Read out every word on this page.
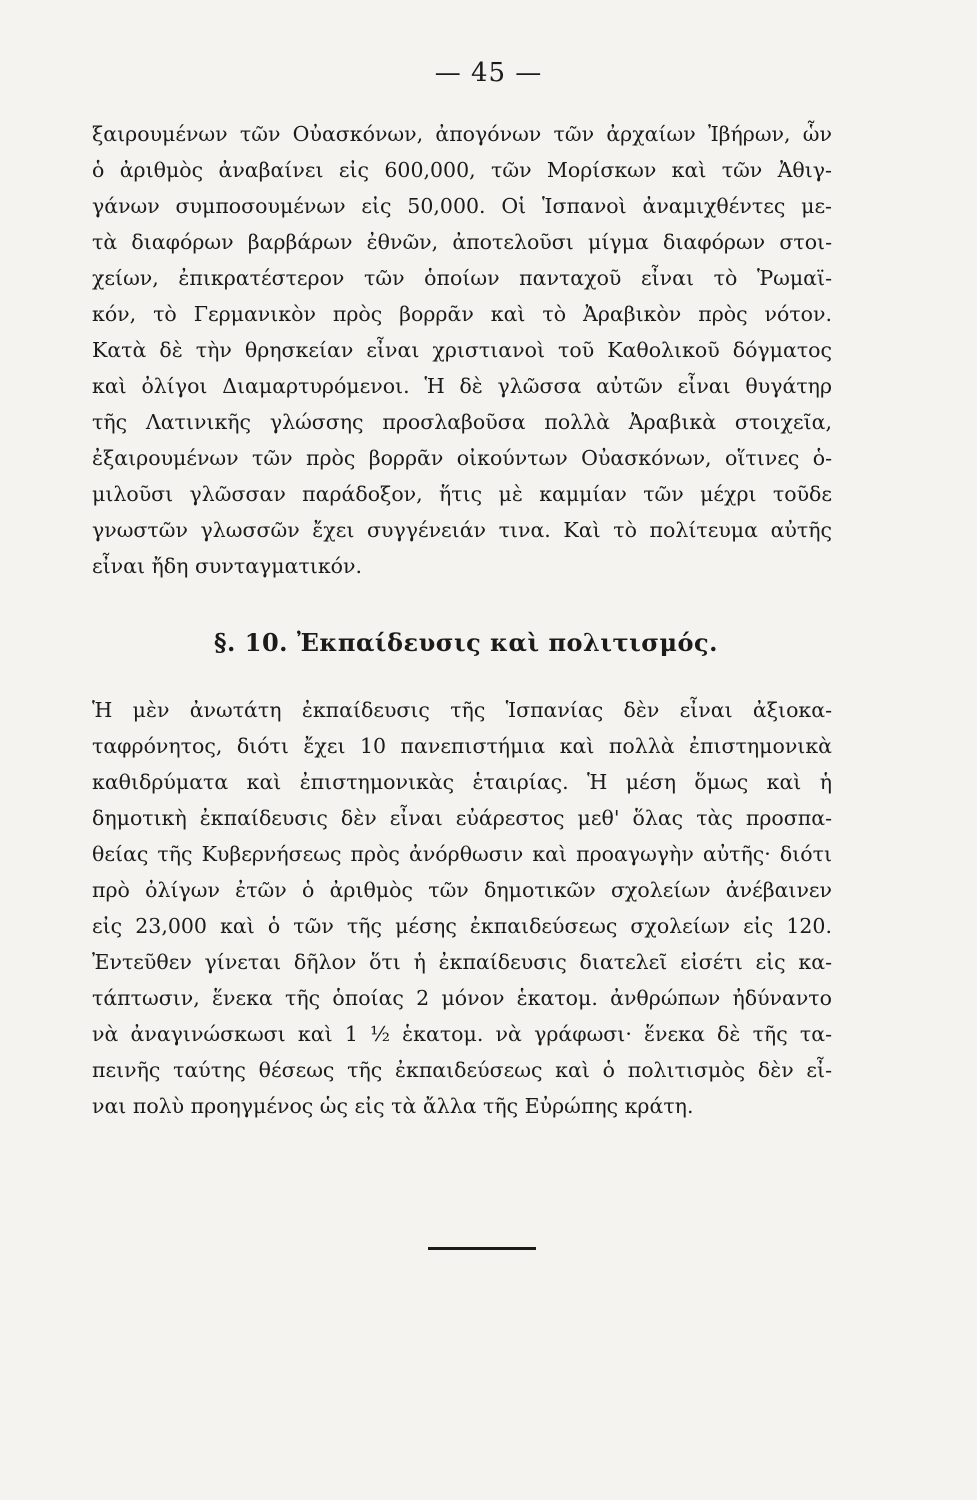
— 45 —
ξαιρουμένων τῶν Οὐασκόνων, ἀπογόνων τῶν ἀρχαίων Ἰβήρων, ὧν
ὁ ἀριθμὸς ἀναβαίνει εἰς 600,000, τῶν Μορίσκων καὶ τῶν Ἀθιγ-
γάνων συμποσουμένων εἰς 50,000. Οἱ Ἱσπανοὶ ἀναμιχθέντες με-
τὰ διαφόρων βαρβάρων ἐθνῶν, ἀποτελοῦσι μίγμα διαφόρων στοι-
χείων, ἐπικρατέστερον τῶν ὁποίων πανταχοῦ εἶναι τὸ Ῥωμαϊ-
κόν, τὸ Γερμανικὸν πρὸς βορρᾶν καὶ τὸ Ἀραβικὸν πρὸς νότον.
Κατὰ δὲ τὴν θρησκείαν εἶναι χριστιανοὶ τοῦ Καθολικοῦ δόγματος
καὶ ὀλίγοι Διαμαρτυρόμενοι. Ἡ δὲ γλῶσσα αὐτῶν εἶναι θυγάτηρ
τῆς Λατινικῆς γλώσσης προσλαβοῦσα πολλὰ Ἀραβικὰ στοιχεῖα,
ἐξαιρουμένων τῶν πρὸς βορρᾶν οἰκούντων Οὐασκόνων, οἵτινες ὁ-
μιλοῦσι γλῶσσαν παράδοξον, ἥτις μὲ καμμίαν τῶν μέχρι τοῦδε
γνωστῶν γλωσσῶν ἔχει συγγένειάν τινα. Καὶ τὸ πολίτευμα αὐτῆς
εἶναι ἤδη συνταγματικόν.
§. 10. Ἐκπαίδευσις καὶ πολιτισμός.
Ἡ μὲν ἀνωτάτη ἐκπαίδευσις τῆς Ἱσπανίας δὲν εἶναι ἀξιοκα-
ταφρόνητος, διότι ἔχει 10 πανεπιστήμια καὶ πολλὰ ἐπιστημονικὰ
καθιδρύματα καὶ ἐπιστημονικὰς ἑταιρίας. Ἡ μέση ὅμως καὶ ἡ
δημοτικὴ ἐκπαίδευσις δὲν εἶναι εὐάρεστος μεθ' ὅλας τὰς προσπα-
θείας τῆς Κυβερνήσεως πρὸς ἀνόρθωσιν καὶ προαγωγὴν αὐτῆς· διότι
πρὸ ὀλίγων ἐτῶν ὁ ἀριθμὸς τῶν δημοτικῶν σχολείων ἀνέβαινεν
εἰς 23,000 καὶ ὁ τῶν τῆς μέσης ἐκπαιδεύσεως σχολείων εἰς 120.
Ἐντεῦθεν γίνεται δῆλον ὅτι ἡ ἐκπαίδευσις διατελεῖ εἰσέτι εἰς κα-
τάπτωσιν, ἕνεκα τῆς ὁποίας 2 μόνον ἑκατομ. ἀνθρώπων ἠδύναντο
νὰ ἀναγινώσκωσι καὶ 1 ½ ἑκατομ. νὰ γράφωσι· ἕνεκα δὲ τῆς τα-
πεινῆς ταύτης θέσεως τῆς ἐκπαιδεύσεως καὶ ὁ πολιτισμὸς δὲν εἶ-
ναι πολὺ προηγμένος ὡς εἰς τὰ ἄλλα τῆς Εὐρώπης κράτη.
